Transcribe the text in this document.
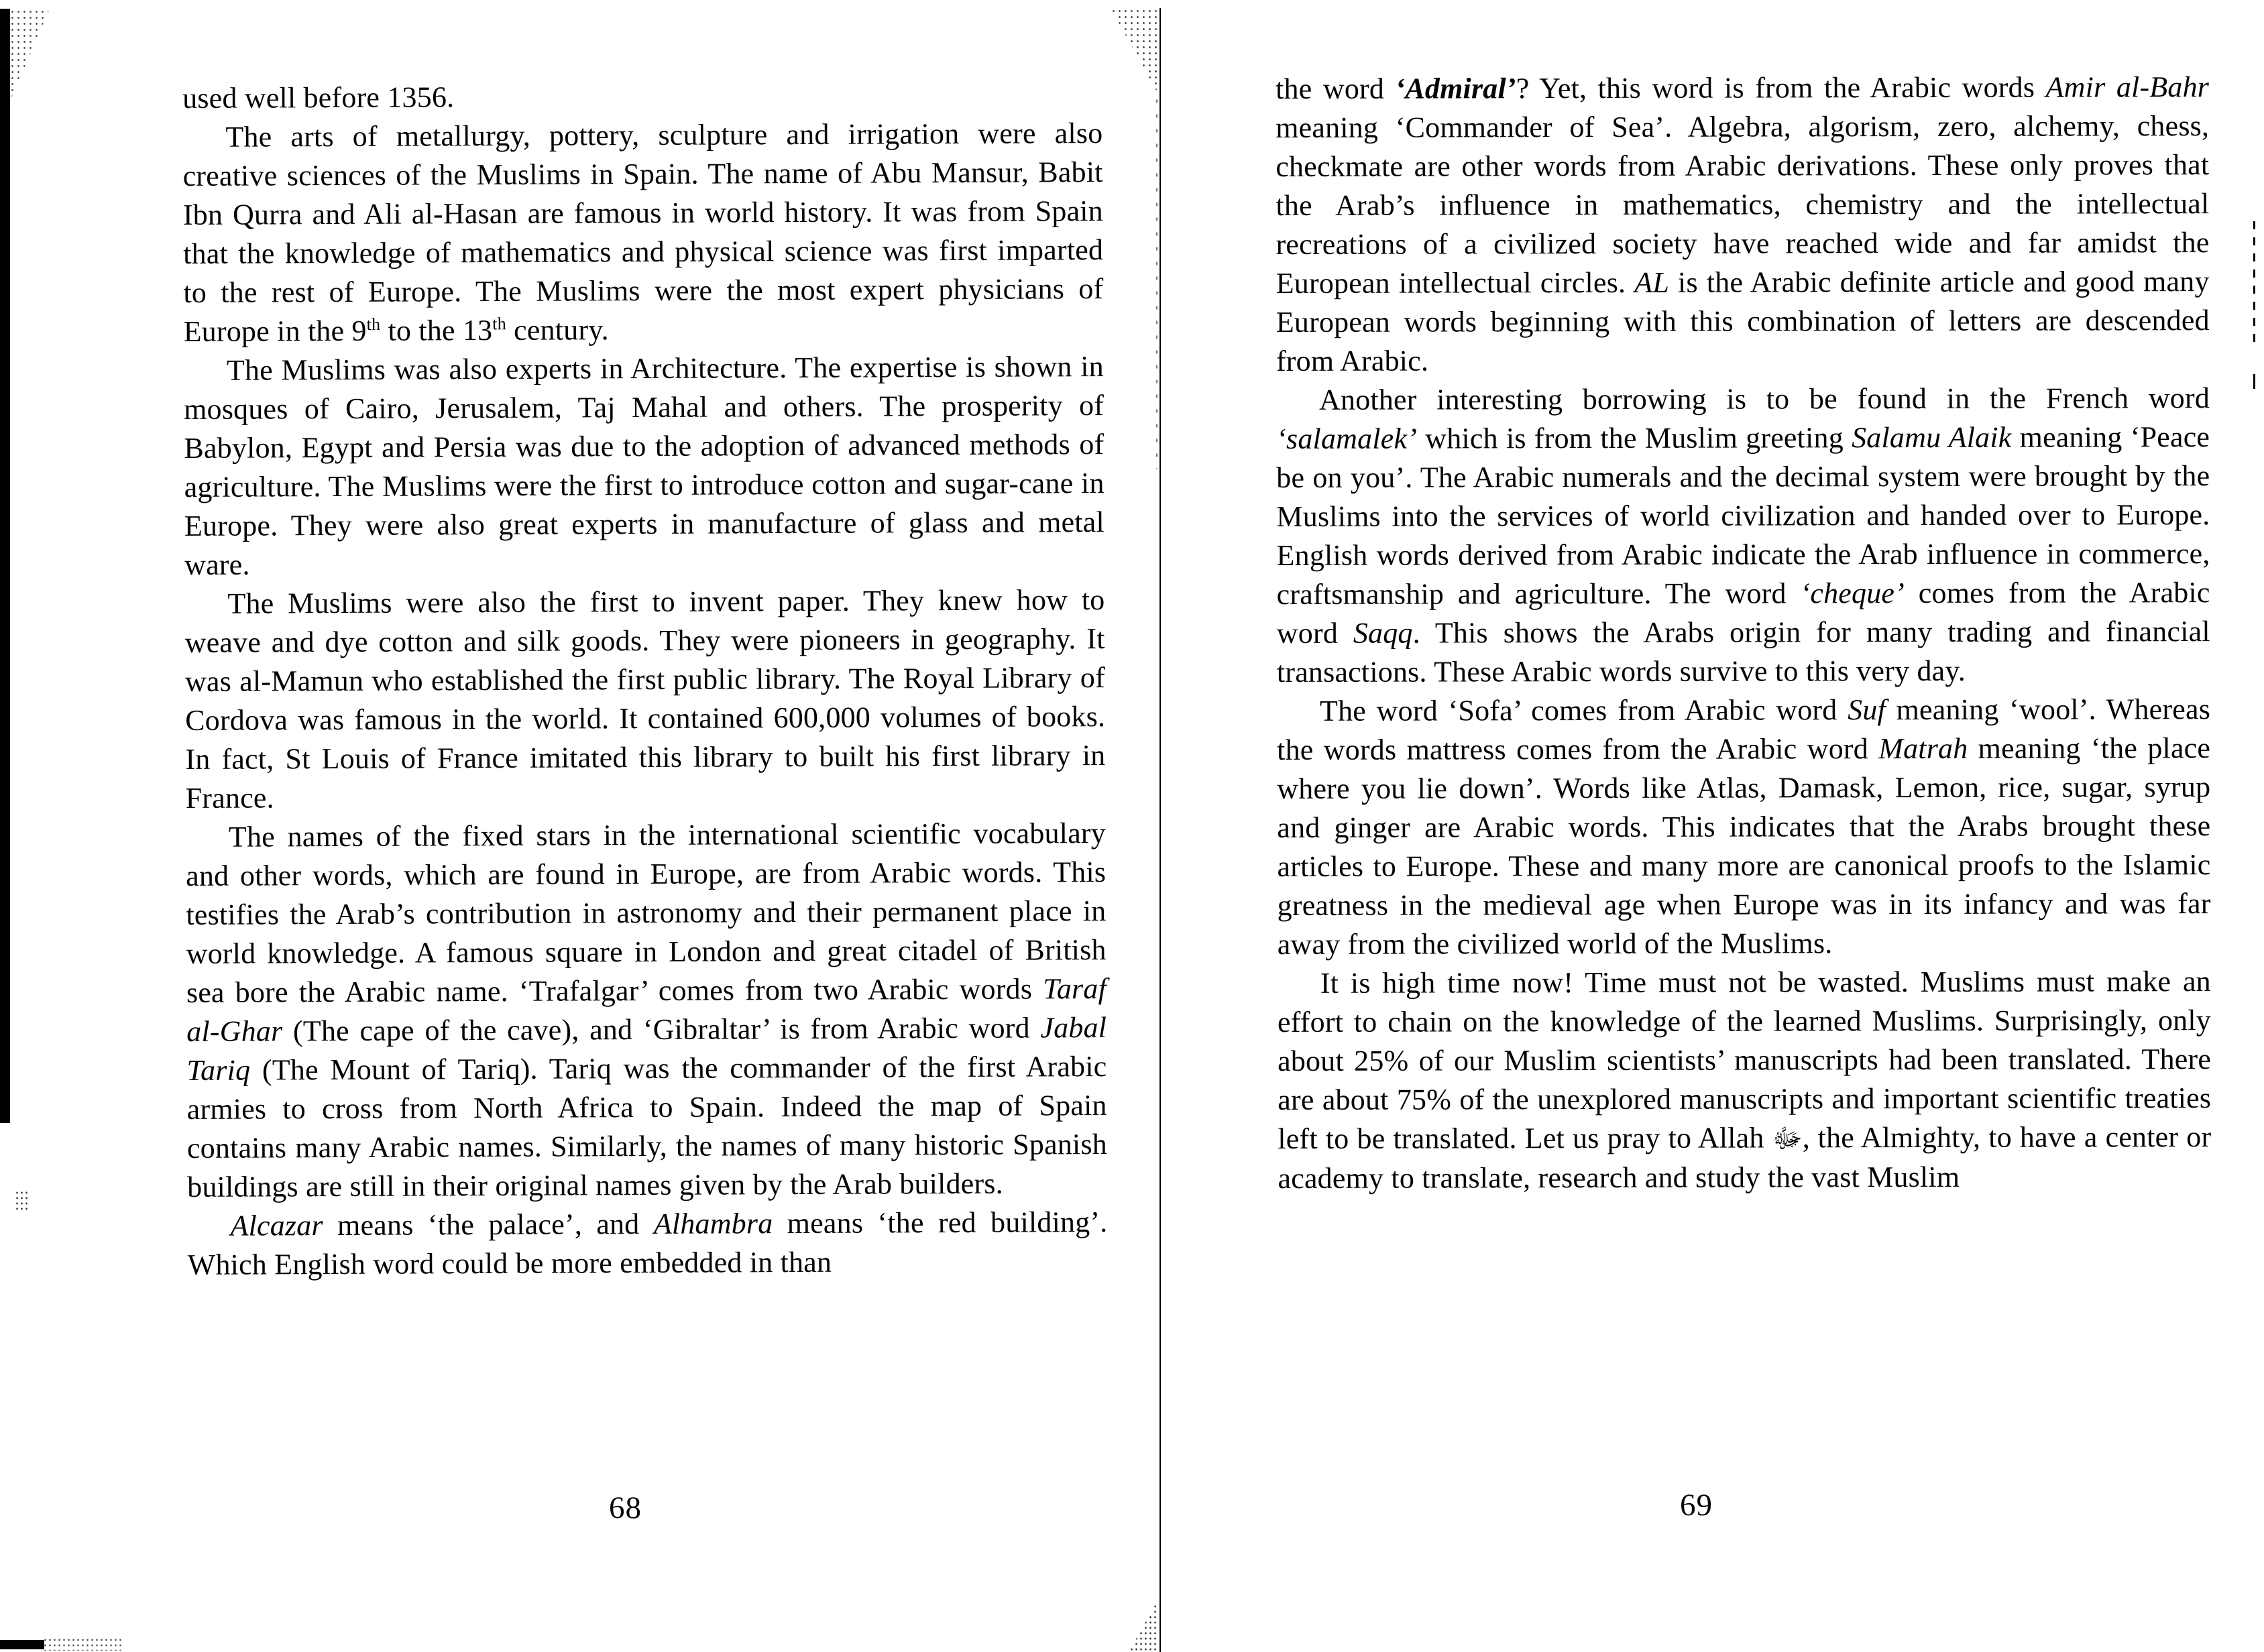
used well before 1356.

The arts of metallurgy, pottery, sculpture and irrigation were also creative sciences of the Muslims in Spain. The name of Abu Mansur, Babit Ibn Qurra and Ali al-Hasan are famous in world history. It was from Spain that the knowledge of mathematics and physical science was first imparted to the rest of Europe. The Muslims were the most expert physicians of Europe in the 9th to the 13th century.

The Muslims was also experts in Architecture. The expertise is shown in mosques of Cairo, Jerusalem, Taj Mahal and others. The prosperity of Babylon, Egypt and Persia was due to the adoption of advanced methods of agriculture. The Muslims were the first to introduce cotton and sugar-cane in Europe. They were also great experts in manufacture of glass and metal ware.

The Muslims were also the first to invent paper. They knew how to weave and dye cotton and silk goods. They were pioneers in geography. It was al-Mamun who established the first public library. The Royal Library of Cordova was famous in the world. It contained 600,000 volumes of books. In fact, St Louis of France imitated this library to built his first library in France.

The names of the fixed stars in the international scientific vocabulary and other words, which are found in Europe, are from Arabic words. This testifies the Arab’s contribution in astronomy and their permanent place in world knowledge. A famous square in London and great citadel of British sea bore the Arabic name. ‘Trafalgar’ comes from two Arabic words Taraf al-Ghar (The cape of the cave), and ‘Gibraltar’ is from Arabic word Jabal Tariq (The Mount of Tariq). Tariq was the commander of the first Arabic armies to cross from North Africa to Spain. Indeed the map of Spain contains many Arabic names. Similarly, the names of many historic Spanish buildings are still in their original names given by the Arab builders.

Alcazar means ‘the palace’, and Alhambra means ‘the red building’. Which English word could be more embedded in than

68

the word ‘Admiral’? Yet, this word is from the Arabic words Amir al-Bahr meaning ‘Commander of Sea’. Algebra, algorism, zero, alchemy, chess, checkmate are other words from Arabic derivations. These only proves that the Arab’s influence in mathematics, chemistry and the intellectual recreations of a civilized society have reached wide and far amidst the European intellectual circles. AL is the Arabic definite article and good many European words beginning with this combination of letters are descended from Arabic.

Another interesting borrowing is to be found in the French word ‘salamalek’ which is from the Muslim greeting Salamu Alaik meaning ‘Peace be on you’. The Arabic numerals and the decimal system were brought by the Muslims into the services of world civilization and handed over to Europe. English words derived from Arabic indicate the Arab influence in commerce, craftsmanship and agriculture. The word ‘cheque’ comes from the Arabic word Saqq. This shows the Arabs origin for many trading and financial transactions. These Arabic words survive to this very day.

The word ‘Sofa’ comes from Arabic word Suf meaning ‘wool’. Whereas the words mattress comes from the Arabic word Matrah meaning ‘the place where you lie down’. Words like Atlas, Damask, Lemon, rice, sugar, syrup and ginger are Arabic words. This indicates that the Arabs brought these articles to Europe. These and many more are canonical proofs to the Islamic greatness in the medieval age when Europe was in its infancy and was far away from the civilized world of the Muslims.

It is high time now! Time must not be wasted. Muslims must make an effort to chain on the knowledge of the learned Muslims. Surprisingly, only about 25% of our Muslim scientists’ manuscripts had been translated. There are about 75% of the unexplored manuscripts and important scientific treaties left to be translated. Let us pray to Allah ﷻ, the Almighty, to have a center or academy to translate, research and study the vast Muslim

69
